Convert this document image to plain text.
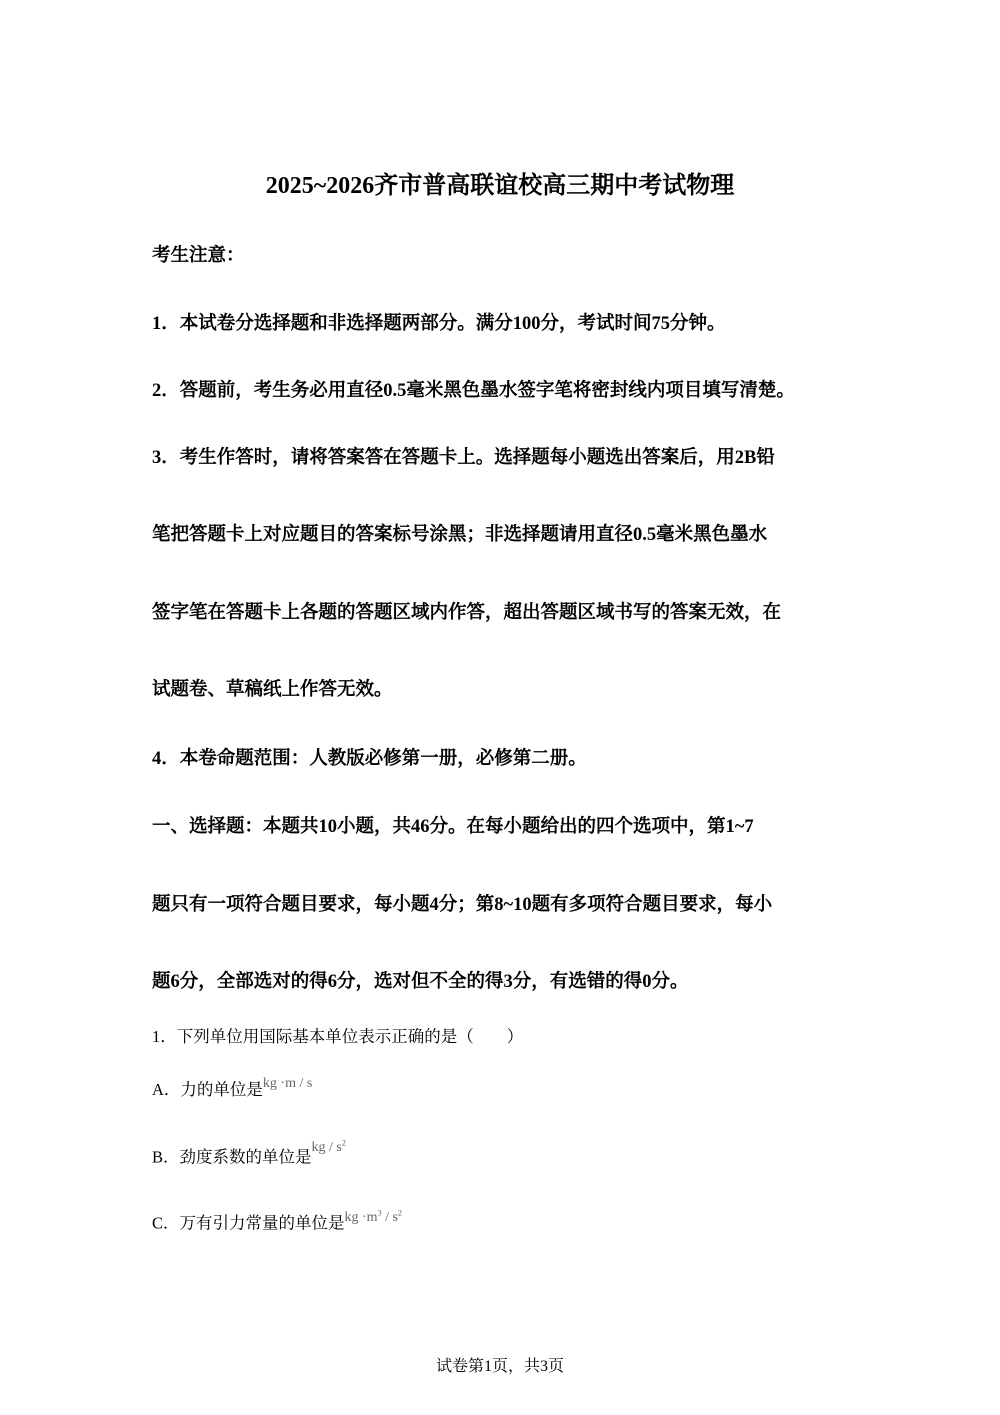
2025~2026齐市普高联谊校高三期中考试物理
考生注意：
1．本试卷分选择题和非选择题两部分。满分100分，考试时间75分钟。
2．答题前，考生务必用直径0.5毫米黑色墨水签字笔将密封线内项目填写清楚。
3．考生作答时，请将答案答在答题卡上。选择题每小题选出答案后，用2B铅
笔把答题卡上对应题目的答案标号涂黑；非选择题请用直径0.5毫米黑色墨水
签字笔在答题卡上各题的答题区域内作答，超出答题区域书写的答案无效，在
试题卷、草稿纸上作答无效。
4．本卷命题范围：人教版必修第一册，必修第二册。
一、选择题：本题共10小题，共46分。在每小题给出的四个选项中，第1~7
题只有一项符合题目要求，每小题4分；第8~10题有多项符合题目要求，每小
题6分，全部选对的得6分，选对但不全的得3分，有选错的得0分。
1．下列单位用国际基本单位表示正确的是（　　）
A．力的单位是$^{kg \cdot m / s}$
B．劲度系数的单位是$^{kg / s^2}$
C．万有引力常量的单位是$^{kg \cdot m^3 / s^2}$
试卷第1页，共3页
